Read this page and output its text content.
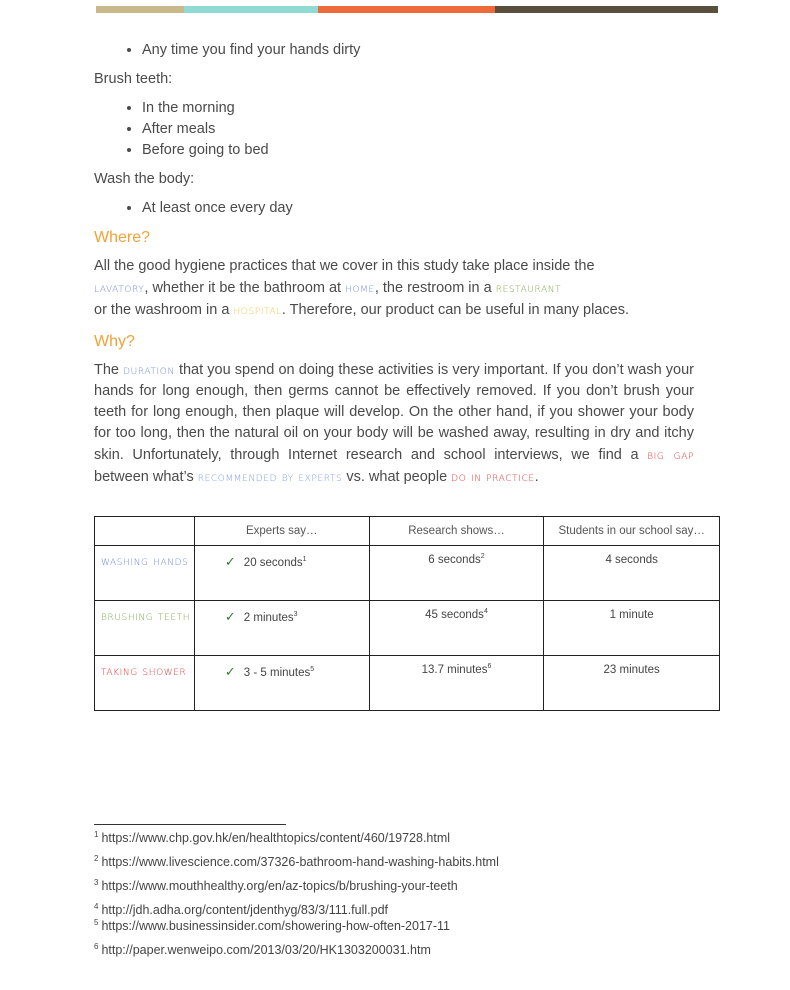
• Any time you find your hands dirty

Brush teeth:

• In the morning
• After meals
• Before going to bed

Wash the body:

• At least once every day
Where?

All the good hygiene practices that we cover in this study take place inside the
lavatory, whether it be the bathroom at home, the restroom in a restaurant
or the washroom in a hospital. Therefore, our product can be useful in many places.

Why?

The duration that you spend on doing these activities is very important. If you don’t wash your hands for long enough, then germs cannot be effectively removed. If you don’t brush your teeth for long enough, then plaque will develop. On the other hand, if you shower your body for too long, then the natural oil on your body will be washed away, resulting in dry and itchy skin. Unfortunately, through Internet research and school interviews, we find a big gap between what’s recommended by experts vs. what people do in practice.

	Experts say…	Research shows…	Students in our school say…
washing hands	✓ 20 seconds$^1$	6 seconds$^2$	4 seconds
brushing teeth	✓ 2 minutes$^3$	45 seconds$^4$	1 minute
taking shower	✓ 3 - 5 minutes$^5$	13.7 minutes$^6$	23 minutes
$^1$ https://www.chp.gov.hk/en/healthtopics/content/460/19728.html
$^2$ https://www.livescience.com/37326-bathroom-hand-washing-habits.html
$^3$ https://www.mouthhealthy.org/en/az-topics/b/brushing-your-teeth
$^4$ http://jdh.adha.org/content/jdenthyg/83/3/111.full.pdf
$^5$ https://www.businessinsider.com/showering-how-often-2017-11
$^6$ http://paper.wenweipo.com/2013/03/20/HK1303200031.htm
